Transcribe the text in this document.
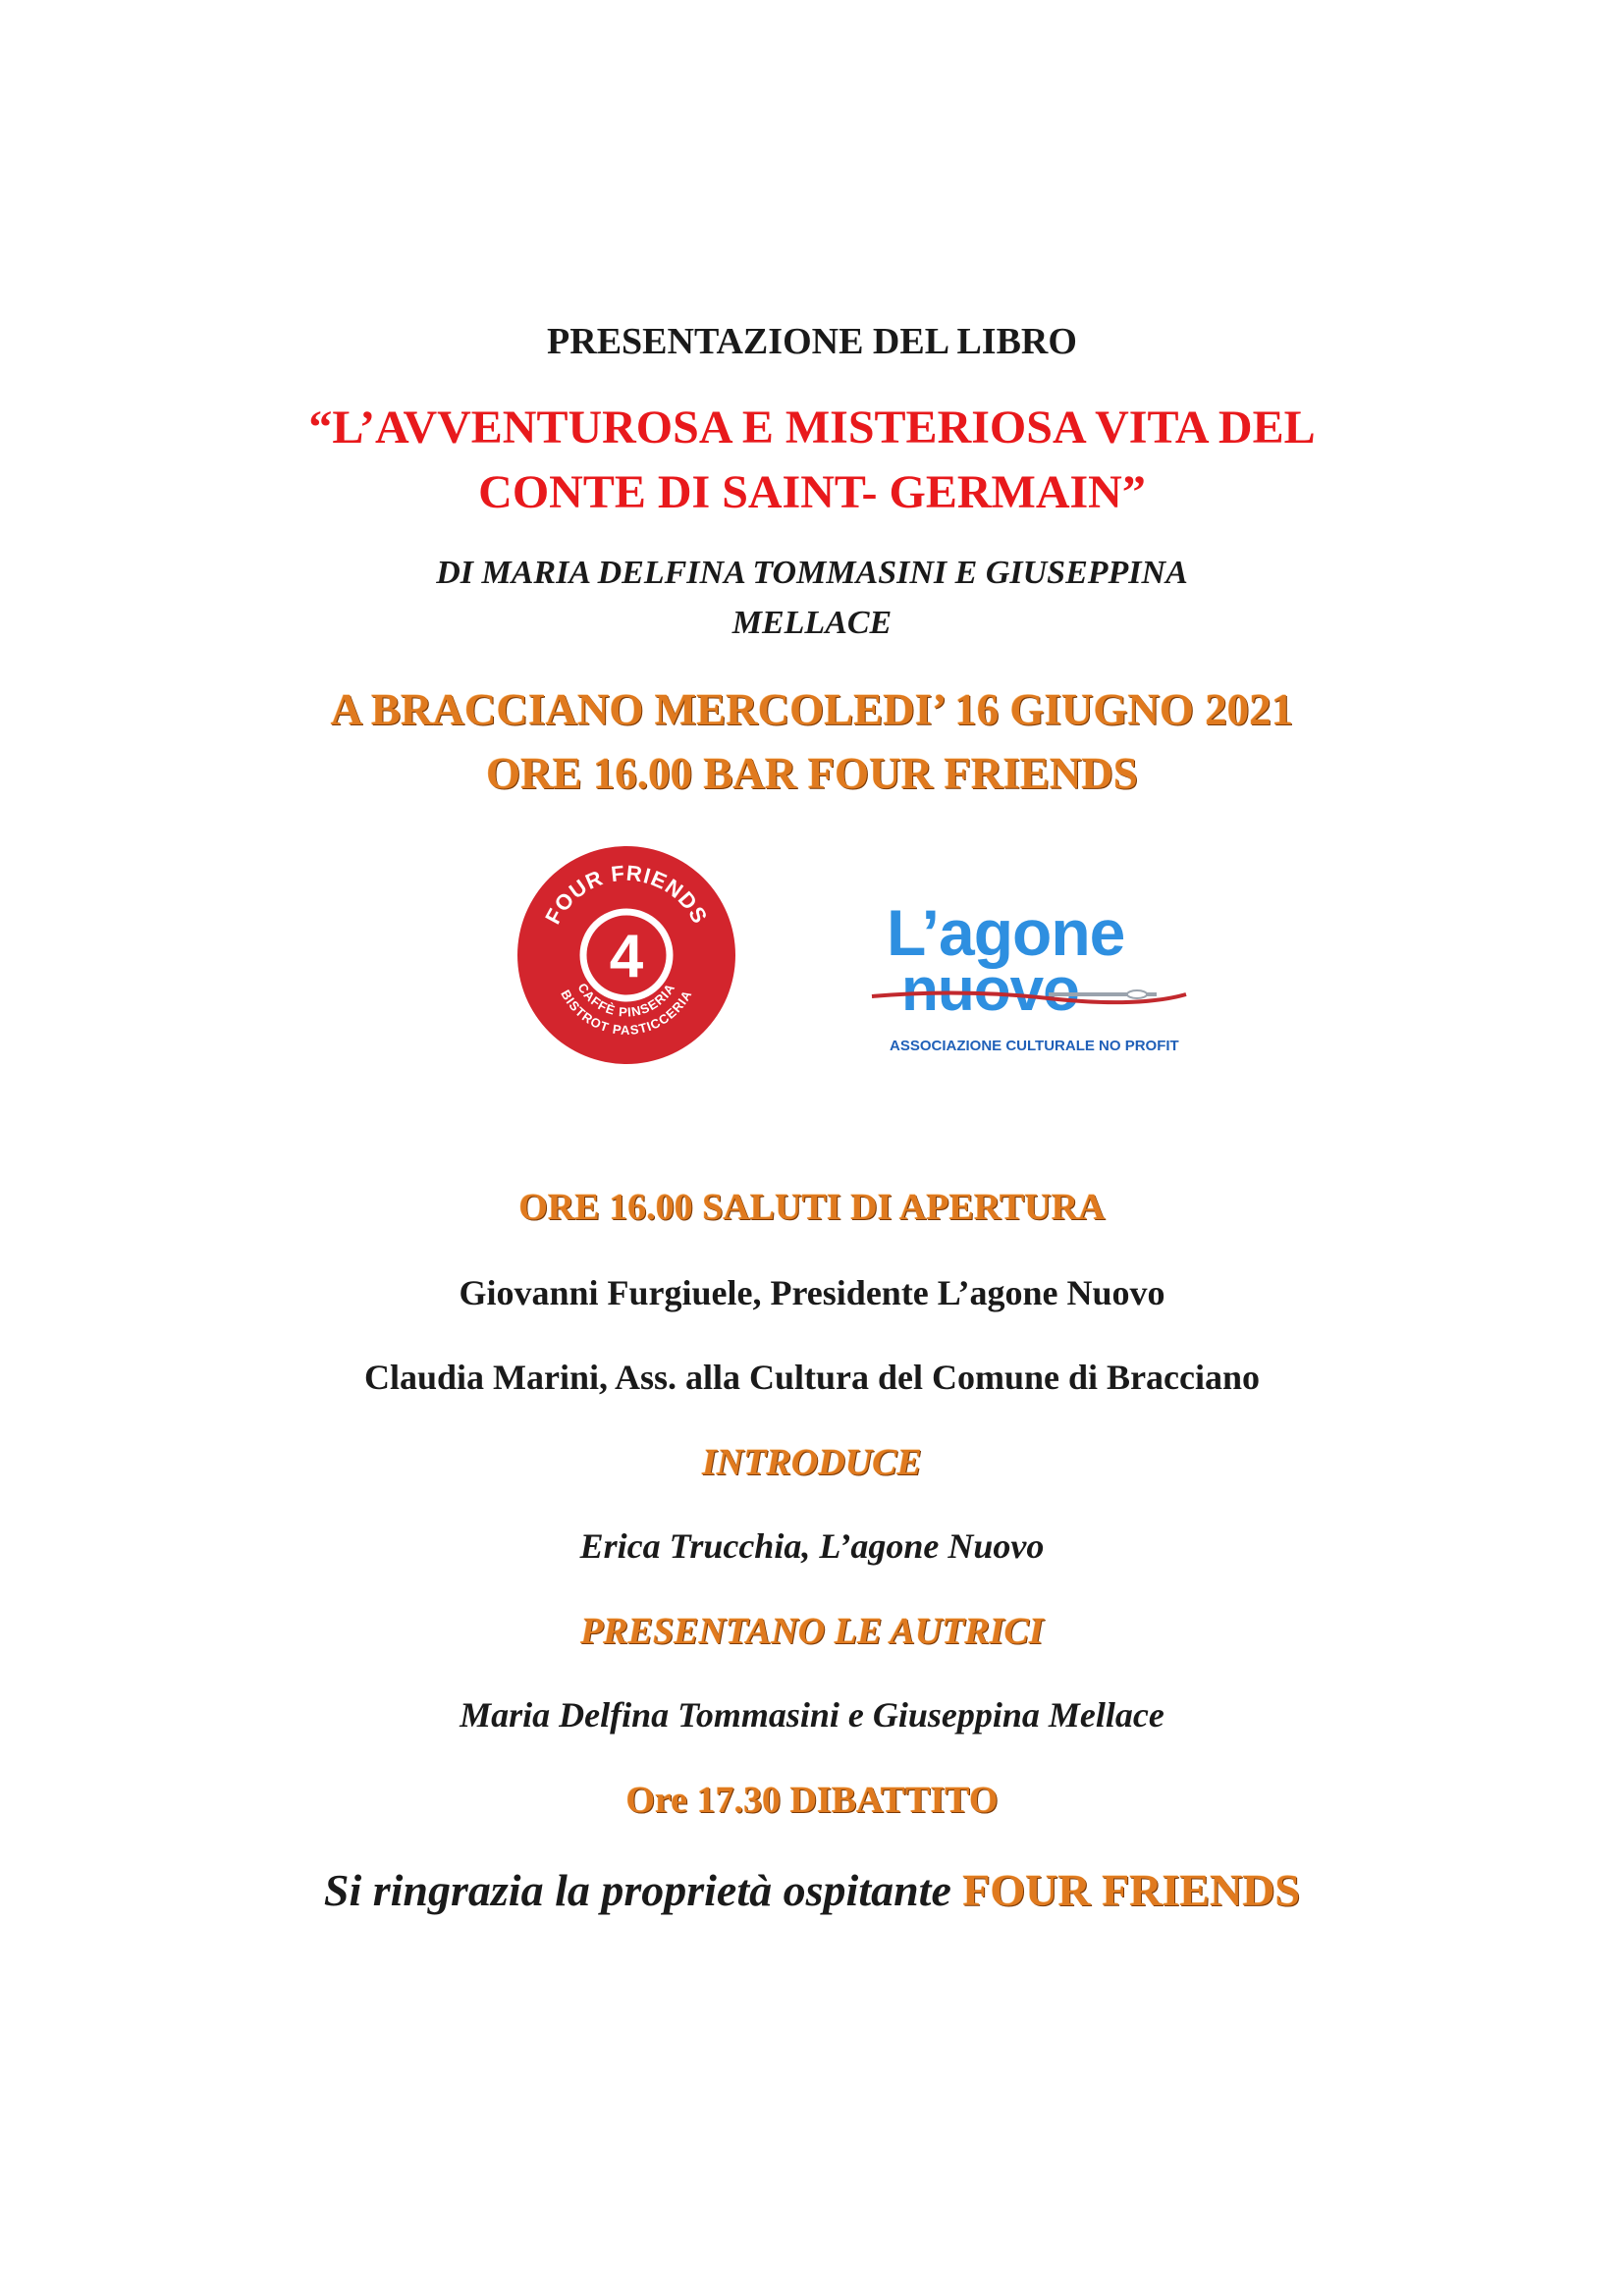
PRESENTAZIONE DEL LIBRO

“L’AVVENTUROSA E MISTERIOSA VITA DEL

CONTE DI SAINT- GERMAIN”

DI MARIA DELFINA TOMMASINI E GIUSEPPINA

MELLACE

A BRACCIANO MERCOLEDI’ 16 GIUGNO 2021

ORE 16.00 BAR FOUR FRIENDS

FOUR FRIENDS
4
CAFFÈ PINSERIA
BISTROT PASTICCERIA
L’agone
nuovo
ASSOCIAZIONE CULTURALE NO PROFIT

ORE 16.00 SALUTI DI APERTURA

Giovanni Furgiuele, Presidente L’agone Nuovo

Claudia Marini, Ass. alla Cultura del Comune di Bracciano

INTRODUCE

Erica Trucchia, L’agone Nuovo

PRESENTANO LE AUTRICI

Maria Delfina Tommasini e Giuseppina Mellace

Ore 17.30 DIBATTITO

Si ringrazia la proprietà ospitante FOUR FRIENDS
